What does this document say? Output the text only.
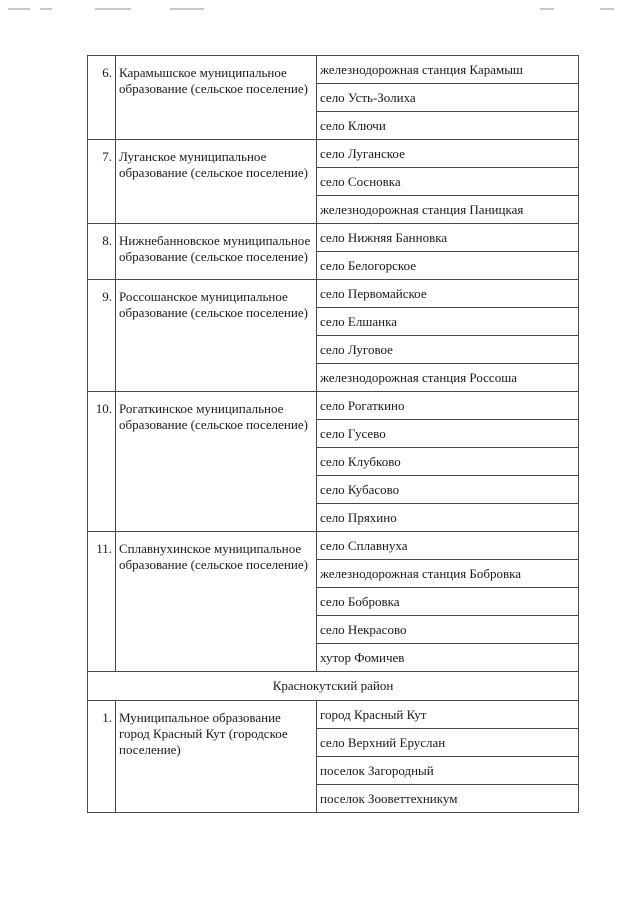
6.	Карамышское муниципальное образование (сельское поселение)	железнодорожная станция Карамыш
		село Усть-Золиха
		село Ключи
7.	Луганское муниципальное образование (сельское поселение)	село Луганское
		село Сосновка
		железнодорожная станция Паницкая
8.	Нижнебанновское муниципальное образование (сельское поселение)	село Нижняя Банновка
		село Белогорское
9.	Россошанское муниципальное образование (сельское поселение)	село Первомайское
		село Елшанка
		село Луговое
		железнодорожная станция Россоша
10.	Рогаткинское муниципальное образование (сельское поселение)	село Рогаткино
		село Гусево
		село Клубково
		село Кубасово
		село Пряхино
11.	Сплавнухинское муниципальное образование (сельское поселение)	село Сплавнуха
		железнодорожная станция Бобровка
		село Бобровка
		село Некрасово
		хутор Фомичев
Краснокутский район		
1.	Муниципальное образование город Красный Кут (городское поселение)	город Красный Кут
		село Верхний Еруслан
		поселок Загородный
		поселок Зооветтехникум
